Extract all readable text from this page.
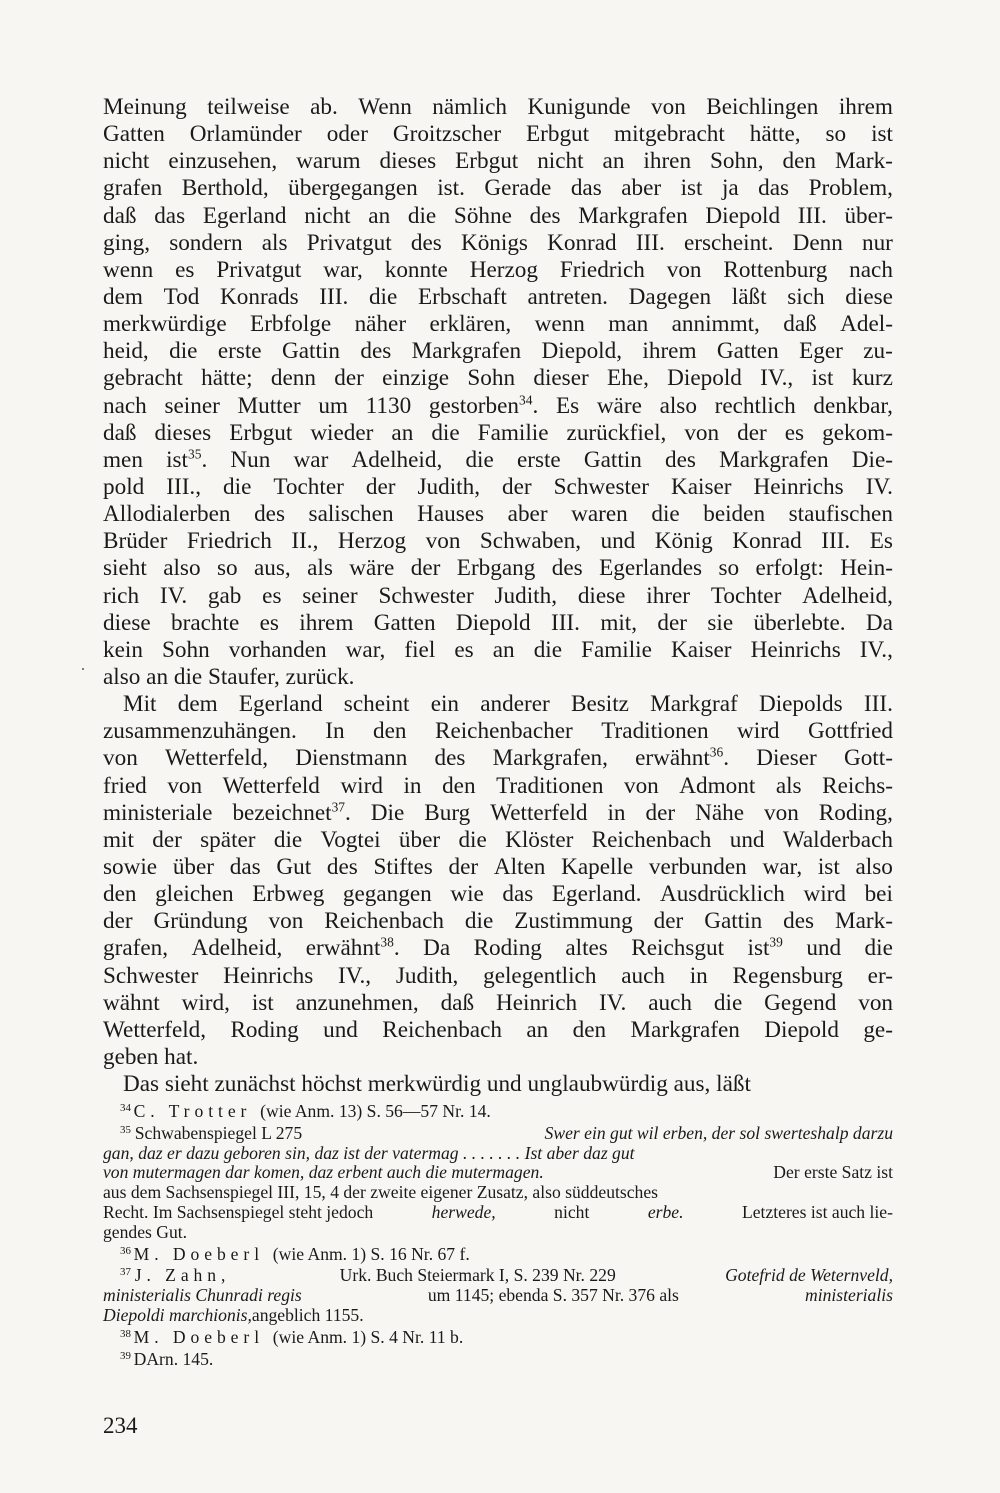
Meinung teilweise ab. Wenn nämlich Kunigunde von Beichlingen ihrem
Gatten Orlamünder oder Groitzscher Erbgut mitgebracht hätte, so ist
nicht einzusehen, warum dieses Erbgut nicht an ihren Sohn, den Mark-
grafen Berthold, übergegangen ist. Gerade das aber ist ja das Problem,
daß das Egerland nicht an die Söhne des Markgrafen Diepold III. über-
ging, sondern als Privatgut des Königs Konrad III. erscheint. Denn nur
wenn es Privatgut war, konnte Herzog Friedrich von Rottenburg nach
dem Tod Konrads III. die Erbschaft antreten. Dagegen läßt sich diese
merkwürdige Erbfolge näher erklären, wenn man annimmt, daß Adel-
heid, die erste Gattin des Markgrafen Diepold, ihrem Gatten Eger zu-
gebracht hätte; denn der einzige Sohn dieser Ehe, Diepold IV., ist kurz
nach seiner Mutter um 1130 gestorben$^{34}$. Es wäre also rechtlich denkbar,
daß dieses Erbgut wieder an die Familie zurückfiel, von der es gekom-
men ist$^{35}$. Nun war Adelheid, die erste Gattin des Markgrafen Die-
pold III., die Tochter der Judith, der Schwester Kaiser Heinrichs IV.
Allodialerben des salischen Hauses aber waren die beiden staufischen
Brüder Friedrich II., Herzog von Schwaben, und König Konrad III. Es
sieht also so aus, als wäre der Erbgang des Egerlandes so erfolgt: Hein-
rich IV. gab es seiner Schwester Judith, diese ihrer Tochter Adelheid,
diese brachte es ihrem Gatten Diepold III. mit, der sie überlebte. Da
kein Sohn vorhanden war, fiel es an die Familie Kaiser Heinrichs IV.,
also an die Staufer, zurück.
Mit dem Egerland scheint ein anderer Besitz Markgraf Diepolds III.
zusammenzuhängen. In den Reichenbacher Traditionen wird Gottfried
von Wetterfeld, Dienstmann des Markgrafen, erwähnt$^{36}$. Dieser Gott-
fried von Wetterfeld wird in den Traditionen von Admont als Reichs-
ministeriale bezeichnet$^{37}$. Die Burg Wetterfeld in der Nähe von Roding,
mit der später die Vogtei über die Klöster Reichenbach und Walderbach
sowie über das Gut des Stiftes der Alten Kapelle verbunden war, ist also
den gleichen Erbweg gegangen wie das Egerland. Ausdrücklich wird bei
der Gründung von Reichenbach die Zustimmung der Gattin des Mark-
grafen, Adelheid, erwähnt$^{38}$. Da Roding altes Reichsgut ist$^{39}$ und die
Schwester Heinrichs IV., Judith, gelegentlich auch in Regensburg er-
wähnt wird, ist anzunehmen, daß Heinrich IV. auch die Gegend von
Wetterfeld, Roding und Reichenbach an den Markgrafen Diepold ge-
geben hat.
Das sieht zunächst höchst merkwürdig und unglaubwürdig aus, läßt
$^{34}$ C. Trotter (wie Anm. 13) S. 56—57 Nr. 14.
$^{35}$ Schwabenspiegel L 275	Swer ein gut wil erben, der sol swerteshalp darzu
gan, daz er dazu geboren sin, daz ist der vatermag . . . . . . . Ist aber daz gut
von mutermagen dar komen, daz erbent auch die mutermagen.	Der erste Satz ist
aus dem Sachsenspiegel III, 15, 4 der zweite eigener Zusatz, also süddeutsches
Recht. Im Sachsenspiegel steht jedoch	herwede,	nicht	erbe.	Letzteres ist auch lie-
gendes Gut.
$^{36}$ M. Doeberl (wie Anm. 1) S. 16 Nr. 67 f.
$^{37}$ J. Zahn,	Urk. Buch Steiermark I, S. 239 Nr. 229	Gotefrid de Weternveld,
ministerialis Chunradi regis	um 1145; ebenda S. 357 Nr. 376 als	ministerialis
Diepoldi marchionis, angeblich 1155.
$^{38}$ M. Doeberl (wie Anm. 1) S. 4 Nr. 11 b.
$^{39}$ DArn. 145.
234
